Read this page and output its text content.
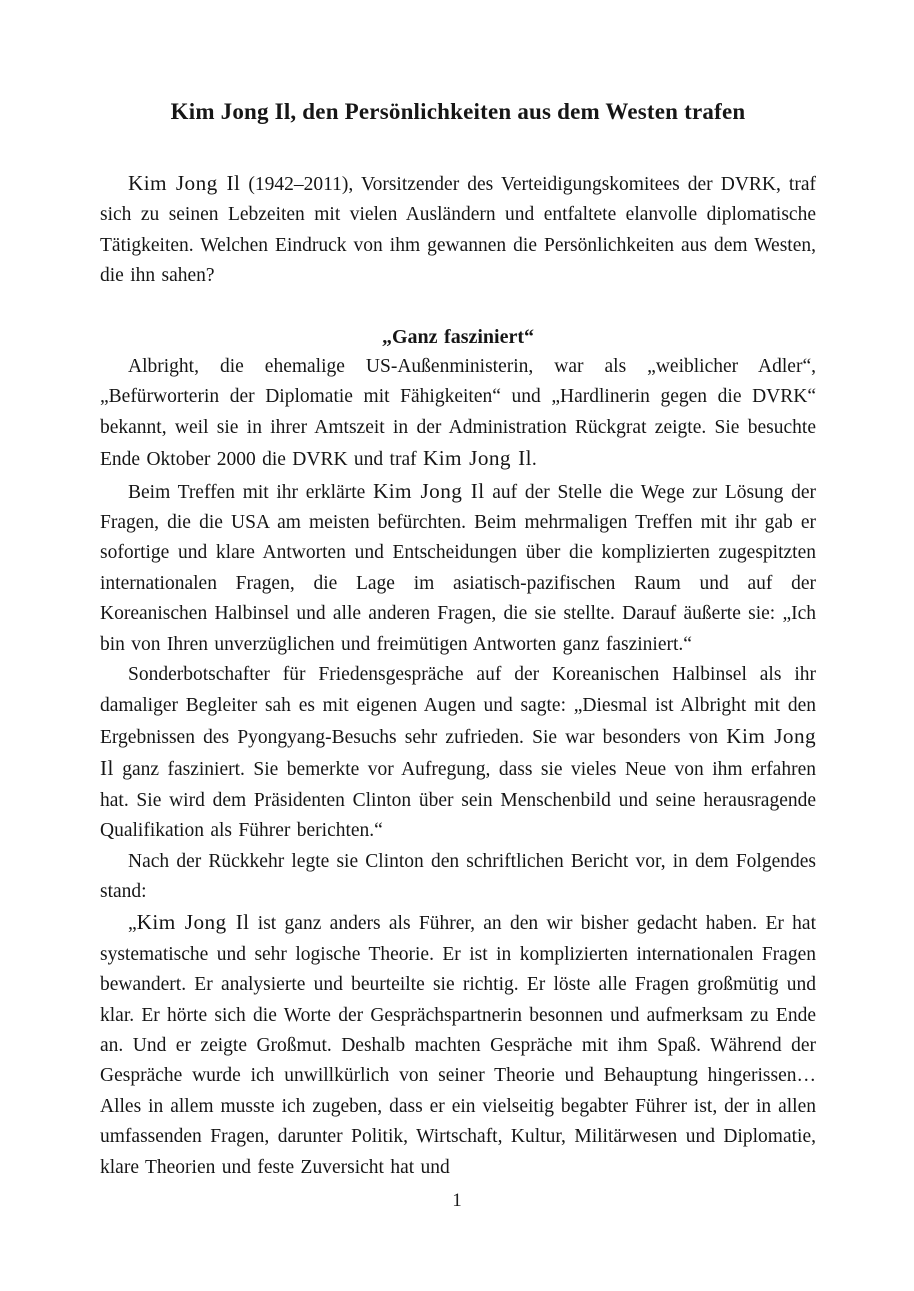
Kim Jong Il, den Persönlichkeiten aus dem Westen trafen

Kim Jong Il (1942–2011), Vorsitzender des Verteidigungskomitees der DVRK, traf sich zu seinen Lebzeiten mit vielen Ausländern und entfaltete elanvolle diplomatische Tätigkeiten. Welchen Eindruck von ihm gewannen die Persönlichkeiten aus dem Westen, die ihn sahen?

„Ganz fasziniert“

Albright, die ehemalige US-Außenministerin, war als „weiblicher Adler“, „Befürworterin der Diplomatie mit Fähigkeiten“ und „Hardlinerin gegen die DVRK“ bekannt, weil sie in ihrer Amtszeit in der Administration Rückgrat zeigte. Sie besuchte Ende Oktober 2000 die DVRK und traf Kim Jong Il.

Beim Treffen mit ihr erklärte Kim Jong Il auf der Stelle die Wege zur Lösung der Fragen, die die USA am meisten befürchten. Beim mehrmaligen Treffen mit ihr gab er sofortige und klare Antworten und Entscheidungen über die komplizierten zugespitzten internationalen Fragen, die Lage im asiatisch-pazifischen Raum und auf der Koreanischen Halbinsel und alle anderen Fragen, die sie stellte. Darauf äußerte sie: „Ich bin von Ihren unverzüglichen und freimütigen Antworten ganz fasziniert.“

Sonderbotschafter für Friedensgespräche auf der Koreanischen Halbinsel als ihr damaliger Begleiter sah es mit eigenen Augen und sagte: „Diesmal ist Albright mit den Ergebnissen des Pyongyang-Besuchs sehr zufrieden. Sie war besonders von Kim Jong Il ganz fasziniert. Sie bemerkte vor Aufregung, dass sie vieles Neue von ihm erfahren hat. Sie wird dem Präsidenten Clinton über sein Menschenbild und seine herausragende Qualifikation als Führer berichten.“

Nach der Rückkehr legte sie Clinton den schriftlichen Bericht vor, in dem Folgendes stand:

„Kim Jong Il ist ganz anders als Führer, an den wir bisher gedacht haben. Er hat systematische und sehr logische Theorie. Er ist in komplizierten internationalen Fragen bewandert. Er analysierte und beurteilte sie richtig. Er löste alle Fragen großmütig und klar. Er hörte sich die Worte der Gesprächspartnerin besonnen und aufmerksam zu Ende an. Und er zeigte Großmut. Deshalb machten Gespräche mit ihm Spaß. Während der Gespräche wurde ich unwillkürlich von seiner Theorie und Behauptung hingerissen… Alles in allem musste ich zugeben, dass er ein vielseitig begabter Führer ist, der in allen umfassenden Fragen, darunter Politik, Wirtschaft, Kultur, Militärwesen und Diplomatie, klare Theorien und feste Zuversicht hat und

1
